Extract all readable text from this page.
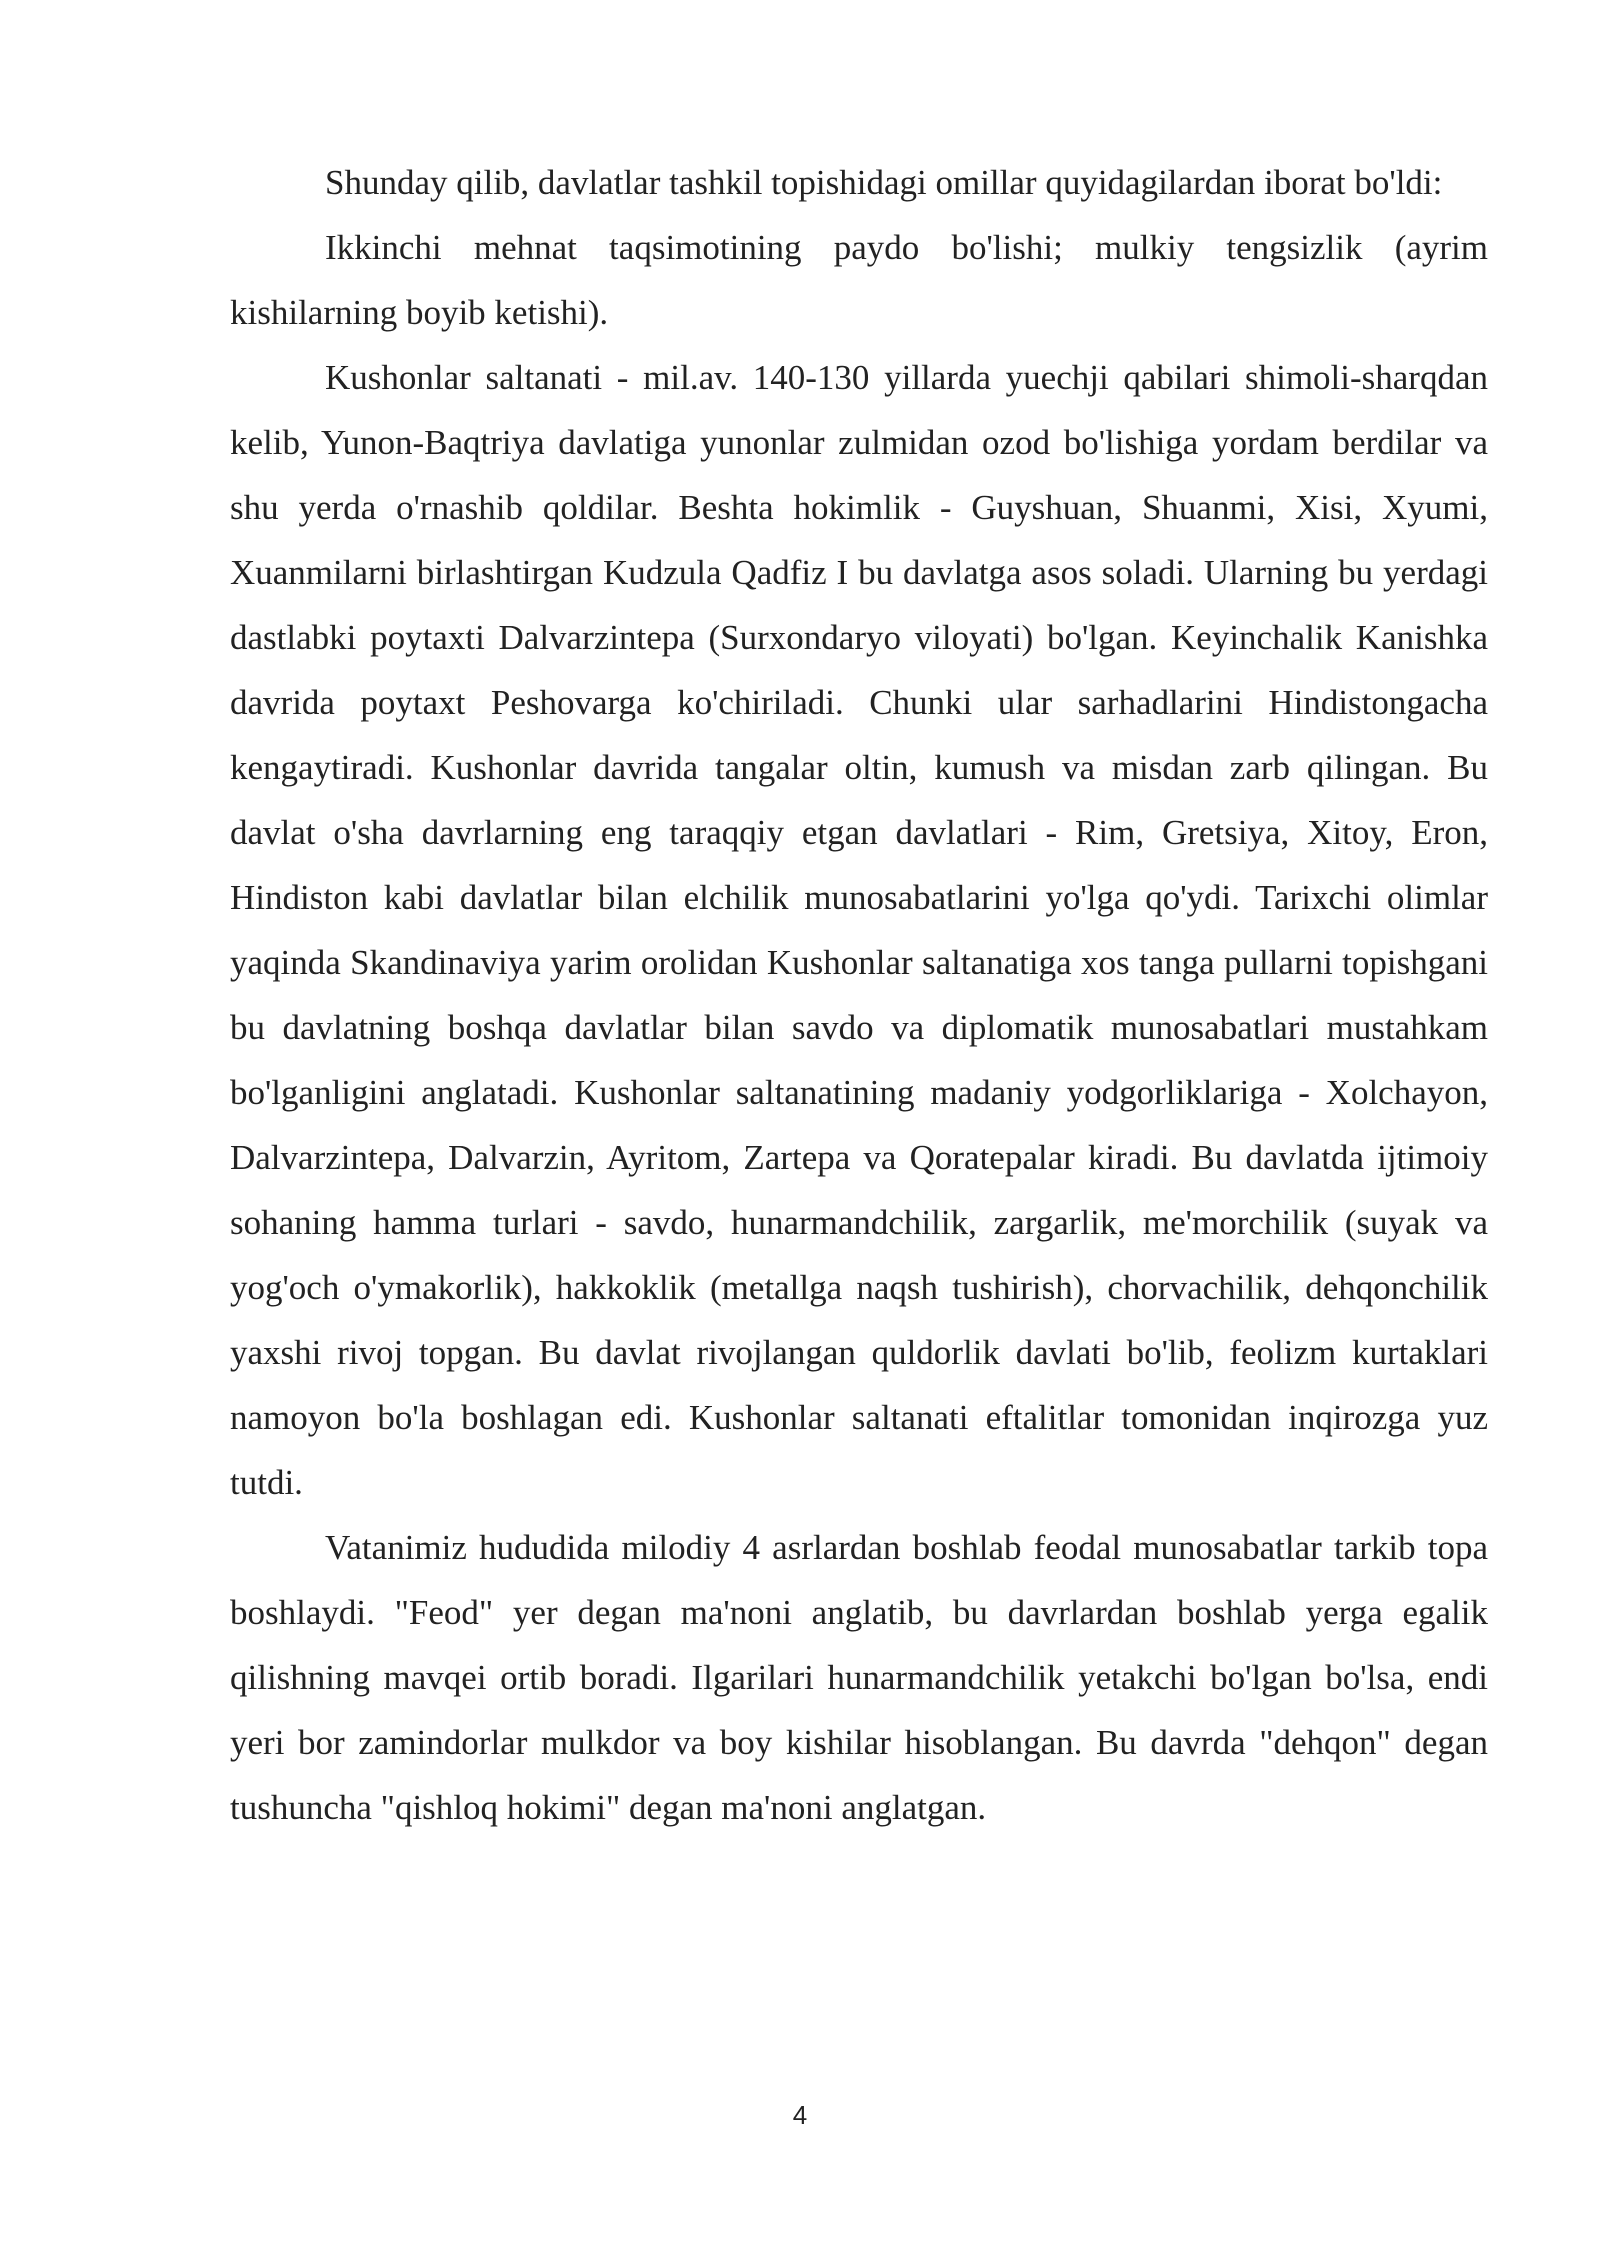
Shunday qilib, davlatlar tashkil topishidagi omillar quyidagilardan iborat bo'ldi:

Ikkinchi mehnat taqsimotining paydo bo'lishi; mulkiy tengsizlik (ayrim kishilarning boyib ketishi).

Kushonlar saltanati - mil.av. 140-130 yillarda yuechji qabilari shimoli-sharqdan kelib, Yunon-Baqtriya davlatiga yunonlar zulmidan ozod bo'lishiga yordam berdilar va shu yerda o'rnashib qoldilar. Beshta hokimlik - Guyshuan, Shuanmi, Xisi, Xyumi, Xuanmilarni birlashtirgan Kudzula Qadfiz I bu davlatga asos soladi. Ularning bu yerdagi dastlabki poytaxti Dalvarzintepa (Surxondaryo viloyati) bo'lgan. Keyinchalik Kanishka davrida poytaxt Peshovarga ko'chiriladi. Chunki ular sarhadlarini Hindistongacha kengaytiradi. Kushonlar davrida tangalar oltin, kumush va misdan zarb qilingan. Bu davlat o'sha davrlarning eng taraqqiy etgan davlatlari - Rim, Gretsiya, Xitoy, Eron, Hindiston kabi davlatlar bilan elchilik munosabatlarini yo'lga qo'ydi. Tarixchi olimlar yaqinda Skandinaviya yarim orolidan Kushonlar saltanatiga xos tanga pullarni topishgani bu davlatning boshqa davlatlar bilan savdo va diplomatik munosabatlari mustahkam bo'lganligini anglatadi. Kushonlar saltanatining madaniy yodgorliklariga - Xolchayon, Dalvarzintepa, Dalvarzin, Ayritom, Zartepa va Qoratepalar kiradi. Bu davlatda ijtimoiy sohaning hamma turlari - savdo, hunarmandchilik, zargarlik, me'morchilik (suyak va yog'och o'ymakorlik), hakkoklik (metallga naqsh tushirish), chorvachilik, dehqonchilik yaxshi rivoj topgan. Bu davlat rivojlangan quldorlik davlati bo'lib, feolizm kurtaklari namoyon bo'la boshlagan edi. Kushonlar saltanati eftalitlar tomonidan inqirozga yuz tutdi.

Vatanimiz hududida milodiy 4 asrlardan boshlab feodal munosabatlar tarkib topa boshlaydi. "Feod" yer degan ma'noni anglatib, bu davrlardan boshlab yerga egalik qilishning mavqei ortib boradi. Ilgarilari hunarmandchilik yetakchi bo'lgan bo'lsa, endi yeri bor zamindorlar mulkdor va boy kishilar hisoblangan. Bu davrda "dehqon" degan tushuncha "qishloq hokimi" degan ma'noni anglatgan.

4
